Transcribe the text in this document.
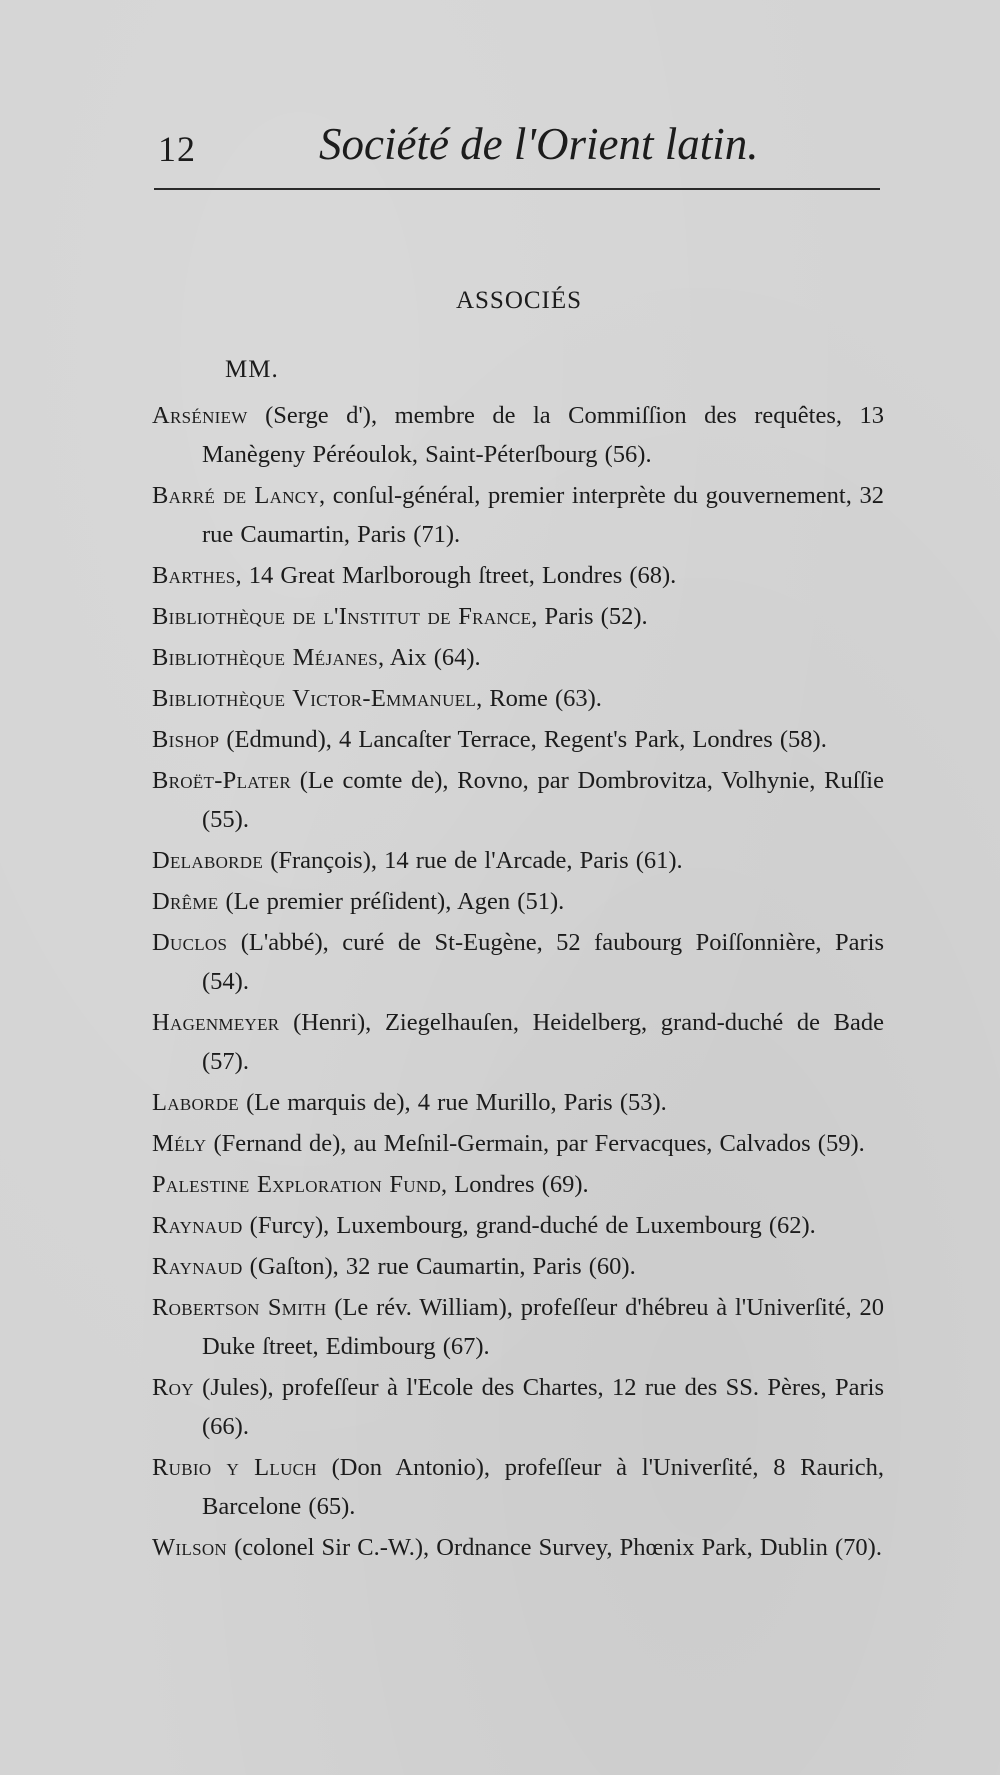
12	Société de l'Orient latin.
ASSOCIÉS
MM.

Arséniew (Serge d'), membre de la Commiſſion des requêtes, 13 Manègeny Péréoulok, Saint-Péterſbourg (56).

Barré de Lancy, conſul-général, premier interprète du gouvernement, 32 rue Caumartin, Paris (71).

Barthes, 14 Great Marlborough ſtreet, Londres (68).

Bibliothèque de l'Institut de France, Paris (52).

Bibliothèque Méjanes, Aix (64).

Bibliothèque Victor-Emmanuel, Rome (63).

Bishop (Edmund), 4 Lancaſter Terrace, Regent's Park, Londres (58).

Broët-Plater (Le comte de), Rovno, par Dombrovitza, Volhynie, Ruſſie (55).

Delaborde (François), 14 rue de l'Arcade, Paris (61).

Drême (Le premier préſident), Agen (51).

Duclos (L'abbé), curé de St-Eugène, 52 faubourg Poiſſonnière, Paris (54).

Hagenmeyer (Henri), Ziegelhauſen, Heidelberg, grand-duché de Bade (57).

Laborde (Le marquis de), 4 rue Murillo, Paris (53).

Mély (Fernand de), au Meſnil-Germain, par Fervacques, Calvados (59).

Palestine Exploration Fund, Londres (69).

Raynaud (Furcy), Luxembourg, grand-duché de Luxembourg (62).

Raynaud (Gaſton), 32 rue Caumartin, Paris (60).

Robertson Smith (Le rév. William), profeſſeur d'hébreu à l'Univerſité, 20 Duke ſtreet, Edimbourg (67).

Roy (Jules), profeſſeur à l'Ecole des Chartes, 12 rue des SS. Pères, Paris (66).

Rubio y Lluch (Don Antonio), profeſſeur à l'Univerſité, 8 Raurich, Barcelone (65).

Wilson (colonel Sir C.-W.), Ordnance Survey, Phœnix Park, Dublin (70).
